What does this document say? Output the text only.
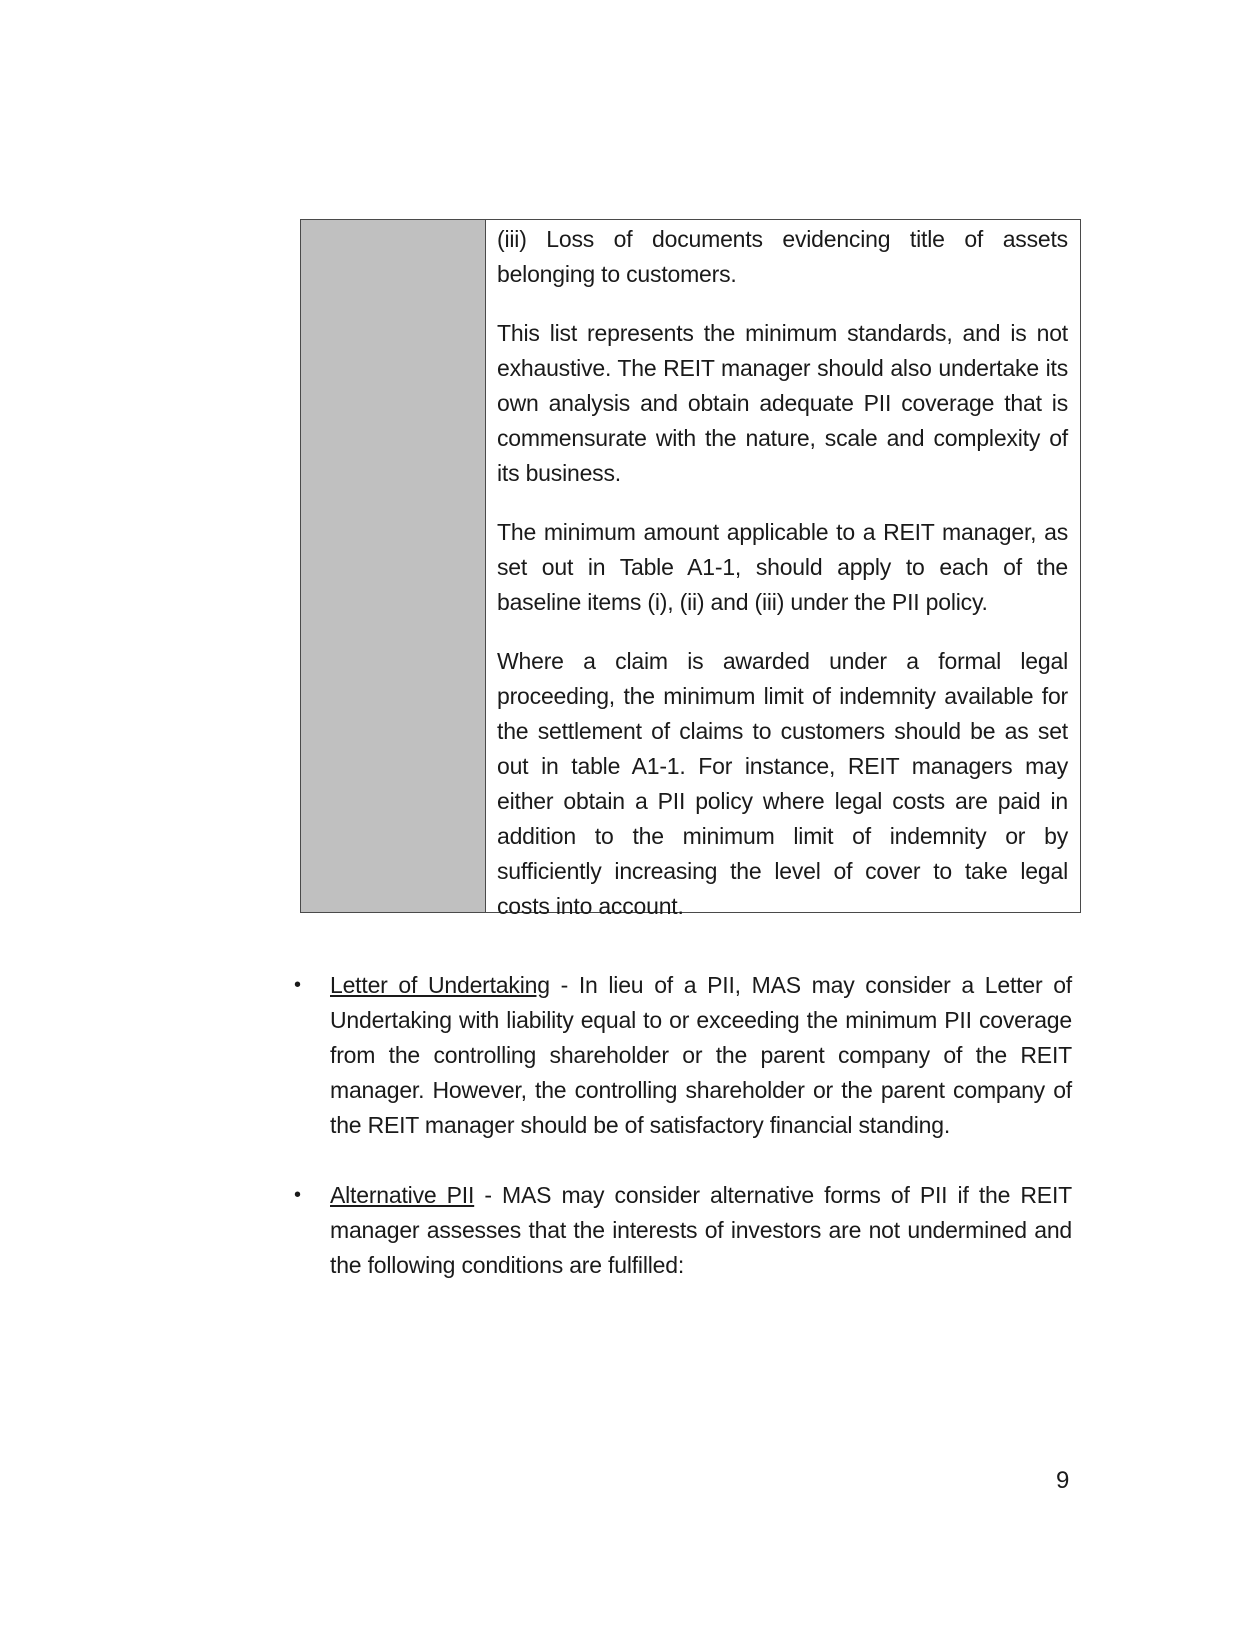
(iii) Loss of documents evidencing title of assets belonging to customers.

This list represents the minimum standards, and is not exhaustive. The REIT manager should also undertake its own analysis and obtain adequate PII coverage that is commensurate with the nature, scale and complexity of its business.

The minimum amount applicable to a REIT manager, as set out in Table A1-1, should apply to each of the baseline items (i), (ii) and (iii) under the PII policy.

Where a claim is awarded under a formal legal proceeding, the minimum limit of indemnity available for the settlement of claims to customers should be as set out in table A1-1. For instance, REIT managers may either obtain a PII policy where legal costs are paid in addition to the minimum limit of indemnity or by sufficiently increasing the level of cover to take legal costs into account.

•	Letter of Undertaking - In lieu of a PII, MAS may consider a Letter of Undertaking with liability equal to or exceeding the minimum PII coverage from the controlling shareholder or the parent company of the REIT manager. However, the controlling shareholder or the parent company of the REIT manager should be of satisfactory financial standing.
•	Alternative PII - MAS may consider alternative forms of PII if the REIT manager assesses that the interests of investors are not undermined and the following conditions are fulfilled:
9
